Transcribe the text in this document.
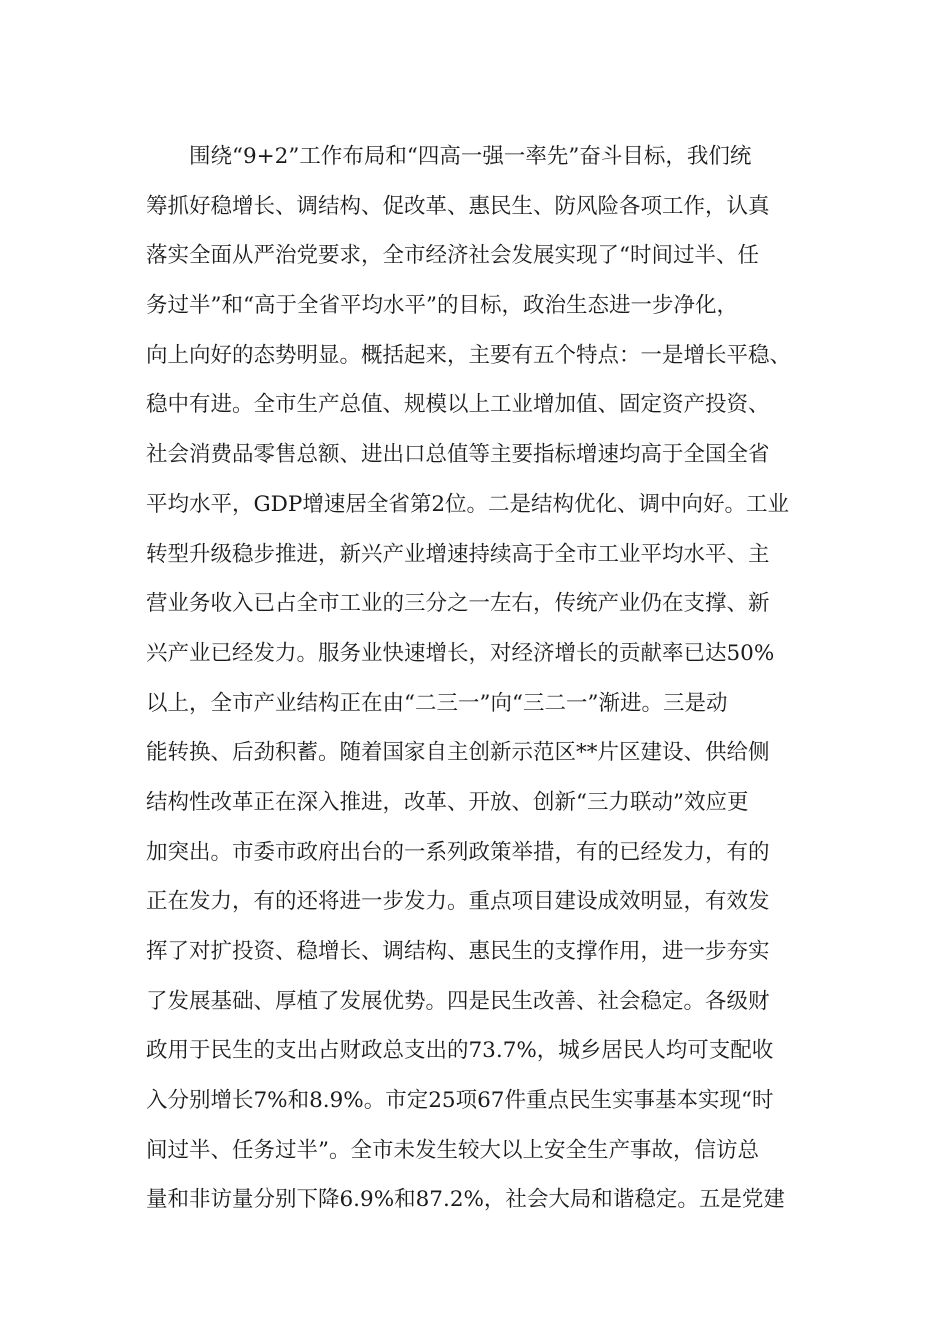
围绕“9+2”工作布局和“四高一强一率先”奋斗目标，我们统
筹抓好稳增长、调结构、促改革、惠民生、防风险各项工作，认真
落实全面从严治党要求，全市经济社会发展实现了“时间过半、任
务过半”和“高于全省平均水平”的目标，政治生态进一步净化，
向上向好的态势明显。概括起来，主要有五个特点：一是增长平稳、
稳中有进。全市生产总值、规模以上工业增加值、固定资产投资、
社会消费品零售总额、进出口总值等主要指标增速均高于全国全省
平均水平，GDP增速居全省第2位。二是结构优化、调中向好。工业
转型升级稳步推进，新兴产业增速持续高于全市工业平均水平、主
营业务收入已占全市工业的三分之一左右，传统产业仍在支撑、新
兴产业已经发力。服务业快速增长，对经济增长的贡献率已达50%
以上，全市产业结构正在由“二三一”向“三二一”渐进。三是动
能转换、后劲积蓄。随着国家自主创新示范区**片区建设、供给侧
结构性改革正在深入推进，改革、开放、创新“三力联动”效应更
加突出。市委市政府出台的一系列政策举措，有的已经发力，有的
正在发力，有的还将进一步发力。重点项目建设成效明显，有效发
挥了对扩投资、稳增长、调结构、惠民生的支撑作用，进一步夯实
了发展基础、厚植了发展优势。四是民生改善、社会稳定。各级财
政用于民生的支出占财政总支出的73.7%，城乡居民人均可支配收
入分别增长7%和8.9%。市定25项67件重点民生实事基本实现“时
间过半、任务过半”。全市未发生较大以上安全生产事故，信访总
量和非访量分别下降6.9%和87.2%，社会大局和谐稳定。五是党建
